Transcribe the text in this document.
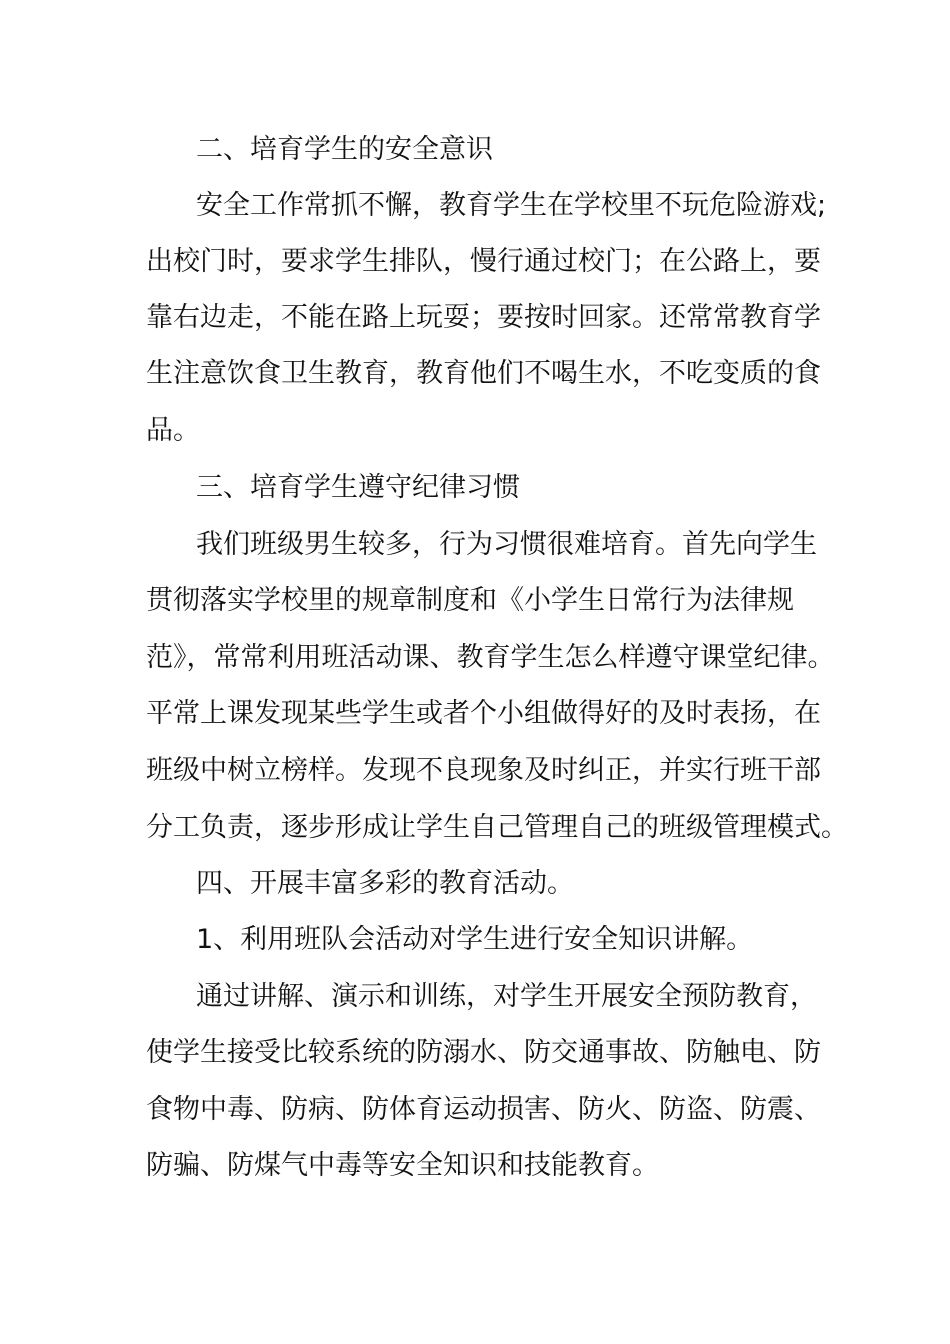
二、培育学生的安全意识

安全工作常抓不懈，教育学生在学校里不玩危险游戏;

出校门时，要求学生排队，慢行通过校门；在公路上，要

靠右边走，不能在路上玩耍；要按时回家。还常常教育学

生注意饮食卫生教育，教育他们不喝生水，不吃变质的食

品。

三、培育学生遵守纪律习惯

我们班级男生较多，行为习惯很难培育。首先向学生

贯彻落实学校里的规章制度和《小学生日常行为法律规

范》，常常利用班活动课、教育学生怎么样遵守课堂纪律。

平常上课发现某些学生或者个小组做得好的及时表扬，在

班级中树立榜样。发现不良现象及时纠正，并实行班干部

分工负责，逐步形成让学生自己管理自己的班级管理模式。

四、开展丰富多彩的教育活动。

1、利用班队会活动对学生进行安全知识讲解。

通过讲解、演示和训练，对学生开展安全预防教育，

使学生接受比较系统的防溺水、防交通事故、防触电、防

食物中毒、防病、防体育运动损害、防火、防盗、防震、

防骗、防煤气中毒等安全知识和技能教育。
